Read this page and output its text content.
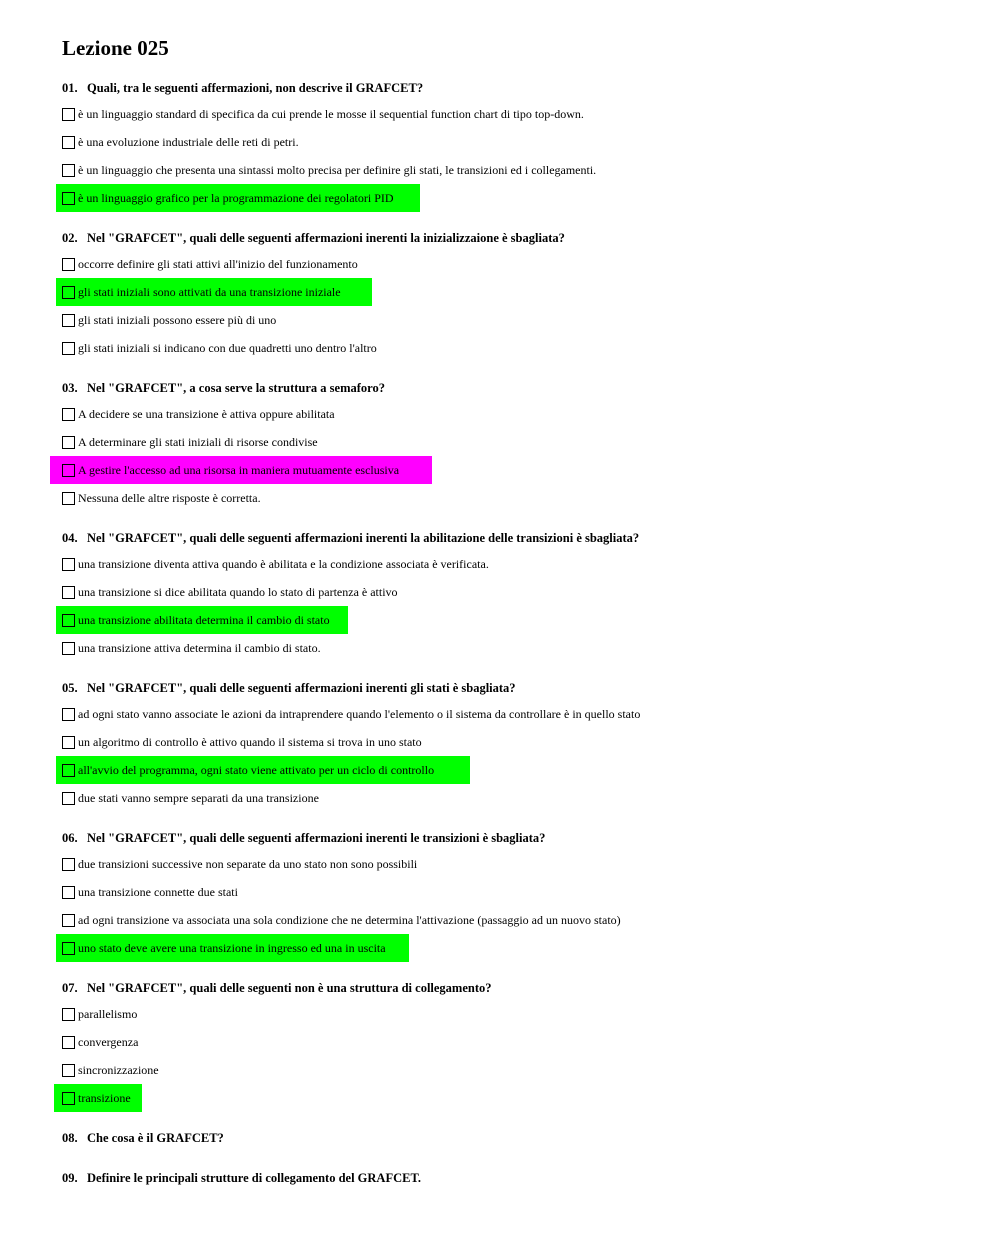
Lezione 025
01. Quali, tra le seguenti affermazioni, non descrive il GRAFCET?
è un linguaggio standard di specifica da cui prende le mosse il sequential function chart di tipo top-down.
è una evoluzione industriale delle reti di petri.
è un linguaggio che presenta una sintassi molto precisa per definire gli stati, le transizioni ed i collegamenti.
è un linguaggio grafico per la programmazione dei regolatori PID
02. Nel "GRAFCET", quali delle seguenti affermazioni inerenti la inizializzaione è sbagliata?
occorre definire gli stati attivi all'inizio del funzionamento
gli stati iniziali sono attivati da una transizione iniziale
gli stati iniziali possono essere più di uno
gli stati iniziali si indicano con due quadretti uno dentro l'altro
03. Nel "GRAFCET", a cosa serve la struttura a semaforo?
A decidere se una transizione è attiva oppure abilitata
A determinare gli stati iniziali di risorse condivise
A gestire l'accesso ad una risorsa in maniera mutuamente esclusiva
Nessuna delle altre risposte è corretta.
04. Nel "GRAFCET", quali delle seguenti affermazioni inerenti la abilitazione delle transizioni è sbagliata?
una transizione diventa attiva quando è abilitata e la condizione associata è verificata.
una transizione si dice abilitata quando lo stato di partenza è attivo
una transizione abilitata determina il cambio di stato
una transizione attiva determina il cambio di stato.
05. Nel "GRAFCET", quali delle seguenti affermazioni inerenti gli stati è sbagliata?
ad ogni stato vanno associate le azioni da intraprendere quando l'elemento o il sistema da controllare è in quello stato
un algoritmo di controllo è attivo quando il sistema si trova in uno stato
all'avvio del programma, ogni stato viene attivato per un ciclo di controllo
due stati vanno sempre separati da una transizione
06. Nel "GRAFCET", quali delle seguenti affermazioni inerenti le transizioni è sbagliata?
due transizioni successive non separate da uno stato non sono possibili
una transizione connette due stati
ad ogni transizione va associata una sola condizione che ne determina l'attivazione (passaggio ad un nuovo stato)
uno stato deve avere una transizione in ingresso ed una in uscita
07. Nel "GRAFCET", quali delle seguenti non è una struttura di collegamento?
parallelismo
convergenza
sincronizzazione
transizione
08. Che cosa è il GRAFCET?
09. Definire le principali strutture di collegamento del GRAFCET.
